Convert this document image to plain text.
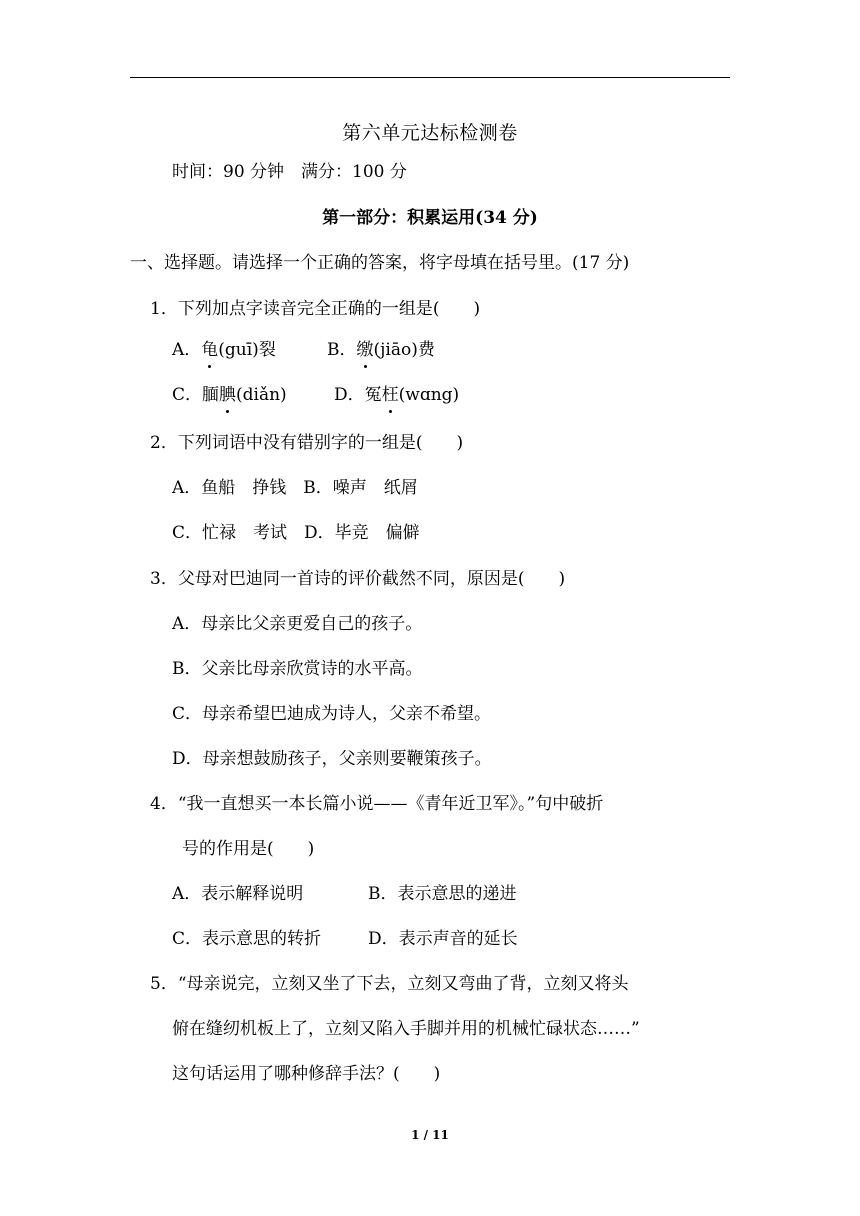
第六单元达标检测卷
时间：90 分钟　满分：100 分
第一部分：积累运用(34 分)
一、选择题。请选择一个正确的答案，将字母填在括号里。(17 分)
1．下列加点字读音完全正确的一组是(　　)
A．龟(guī)裂	B．缴(jiāo)费
C．腼腆(diǎn)	D．冤枉(wɑng)
2．下列词语中没有错别字的一组是(　　)
A．鱼船　挣钱　B．噪声　纸屑
C．忙禄　考试　D．毕竞　偏僻
3．父母对巴迪同一首诗的评价截然不同，原因是(　　)
A．母亲比父亲更爱自己的孩子。
B．父亲比母亲欣赏诗的水平高。
C．母亲希望巴迪成为诗人，父亲不希望。
D．母亲想鼓励孩子，父亲则要鞭策孩子。
4．“我一直想买一本长篇小说——《青年近卫军》。”句中破折
号的作用是(　　)
A．表示解释说明	B．表示意思的递进
C．表示意思的转折	D．表示声音的延长
5．“母亲说完，立刻又坐了下去，立刻又弯曲了背，立刻又将头
俯在缝纫机板上了，立刻又陷入手脚并用的机械忙碌状态……”
这句话运用了哪种修辞手法？(　　)
1 / 11
